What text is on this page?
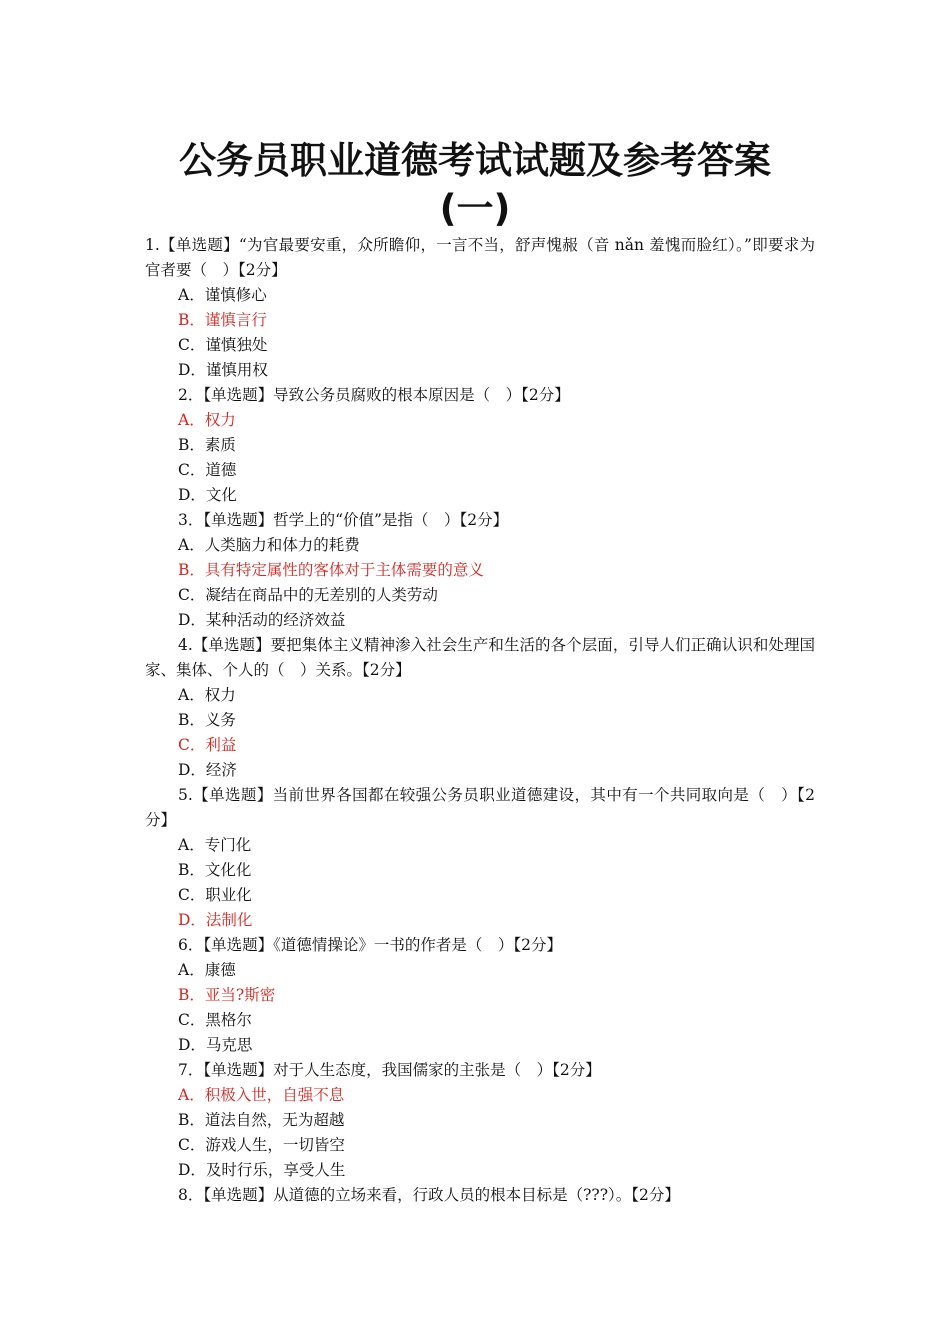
公务员职业道德考试试题及参考答案
(一)
1.【单选题】“为官最要安重，众所瞻仰，一言不当，舒声愧赧（音 nǎn 羞愧而脸红）。”即要求为官者要（　）【2分】
A．谨慎修心
B．谨慎言行
C．谨慎独处
D．谨慎用权
2．【单选题】导致公务员腐败的根本原因是（　）【2分】
A．权力
B．素质
C．道德
D．文化
3．【单选题】哲学上的“价值”是指（　）【2分】
A．人类脑力和体力的耗费
B．具有特定属性的客体对于主体需要的意义
C．凝结在商品中的无差别的人类劳动
D．某种活动的经济效益
4.【单选题】要把集体主义精神渗入社会生产和生活的各个层面，引导人们正确认识和处理国家、集体、个人的（　）关系。【2分】
A．权力
B．义务
C．利益
D．经济
5.【单选题】当前世界各国都在较强公务员职业道德建设，其中有一个共同取向是（　）【2分】
A．专门化
B．文化化
C．职业化
D．法制化
6．【单选题】《道德情操论》一书的作者是（　）【2分】
A．康德
B．亚当?斯密
C．黑格尔
D．马克思
7．【单选题】对于人生态度，我国儒家的主张是（　）【2分】
A．积极入世，自强不息
B．道法自然，无为超越
C．游戏人生，一切皆空
D．及时行乐，享受人生
8．【单选题】从道德的立场来看，行政人员的根本目标是（???）。【2分】
